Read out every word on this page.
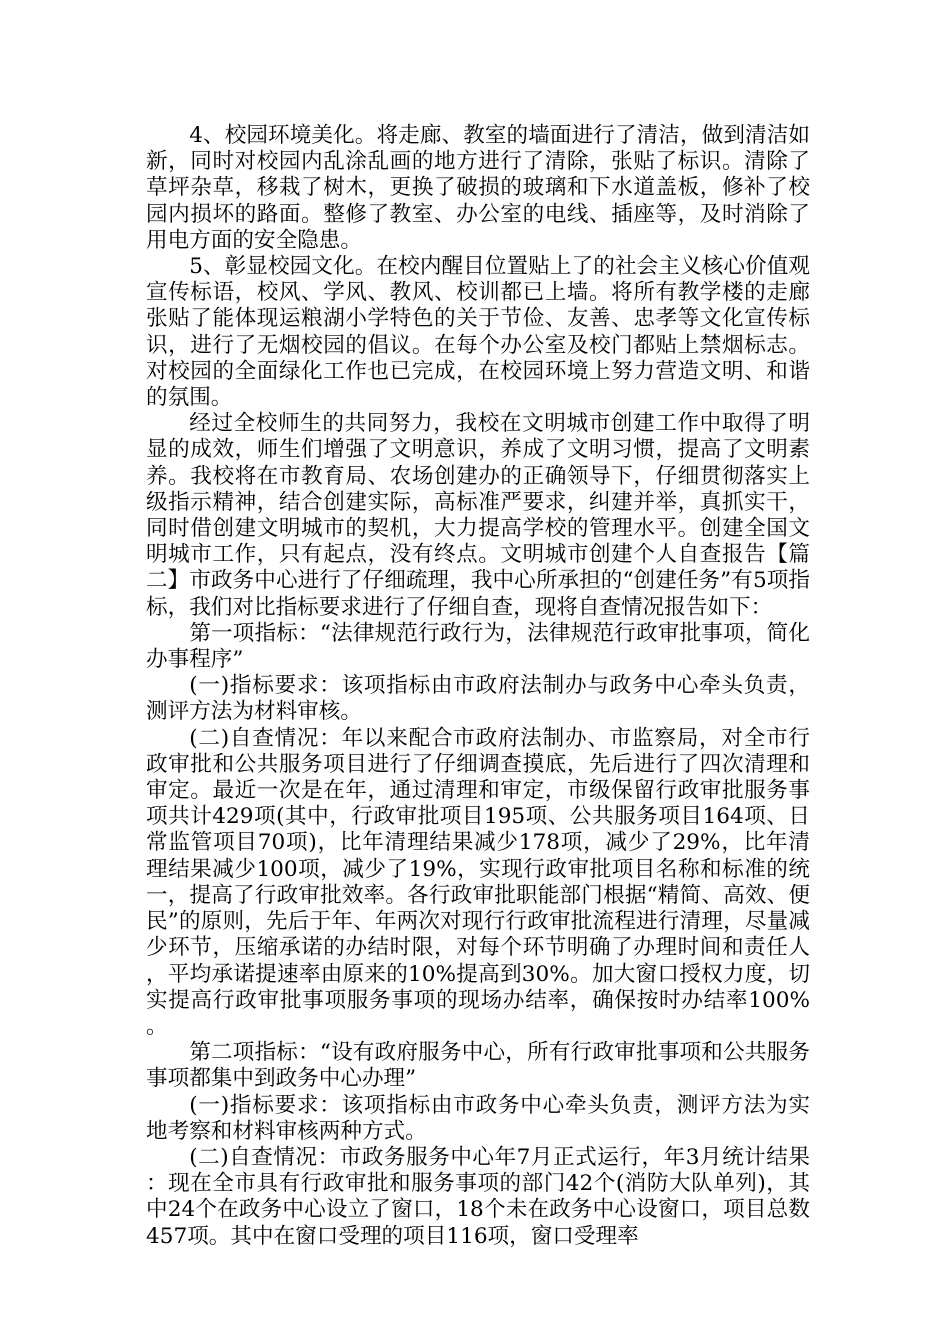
4、校园环境美化。将走廊、教室的墙面进行了清洁，做到清洁如新，同时对校园内乱涂乱画的地方进行了清除，张贴了标识。清除了草坪杂草，移栽了树木，更换了破损的玻璃和下水道盖板，修补了校园内损坏的路面。整修了教室、办公室的电线、插座等，及时消除了用电方面的安全隐患。

5、彰显校园文化。在校内醒目位置贴上了的社会主义核心价值观宣传标语，校风、学风、教风、校训都已上墙。将所有教学楼的走廊张贴了能体现运粮湖小学特色的关于节俭、友善、忠孝等文化宣传标识，进行了无烟校园的倡议。在每个办公室及校门都贴上禁烟标志。对校园的全面绿化工作也已完成，在校园环境上努力营造文明、和谐的氛围。

经过全校师生的共同努力，我校在文明城市创建工作中取得了明显的成效，师生们增强了文明意识，养成了文明习惯，提高了文明素养。我校将在市教育局、农场创建办的正确领导下，仔细贯彻落实上级指示精神，结合创建实际，高标准严要求，纠建并举，真抓实干，同时借创建文明城市的契机，大力提高学校的管理水平。创建全国文明城市工作，只有起点，没有终点。文明城市创建个人自查报告【篇二】市政务中心进行了仔细疏理，我中心所承担的“创建任务”有5项指标，我们对比指标要求进行了仔细自查，现将自查情况报告如下：

第一项指标：“法律规范行政行为，法律规范行政审批事项，简化办事程序”

(一)指标要求：该项指标由市政府法制办与政务中心牵头负责，测评方法为材料审核。

(二)自查情况：年以来配合市政府法制办、市监察局，对全市行政审批和公共服务项目进行了仔细调查摸底，先后进行了四次清理和审定。最近一次是在年，通过清理和审定，市级保留行政审批服务事项共计429项(其中，行政审批项目195项、公共服务项目164项、日常监管项目70项)，比年清理结果减少178项，减少了29%，比年清理结果减少100项，减少了19%，实现行政审批项目名称和标准的统一，提高了行政审批效率。各行政审批职能部门根据“精简、高效、便民”的原则，先后于年、年两次对现行行政审批流程进行清理，尽量减少环节，压缩承诺的办结时限，对每个环节明确了办理时间和责任人，平均承诺提速率由原来的10%提高到30%。加大窗口授权力度，切实提高行政审批事项服务事项的现场办结率，确保按时办结率100%。

第二项指标：“设有政府服务中心，所有行政审批事项和公共服务事项都集中到政务中心办理”

(一)指标要求：该项指标由市政务中心牵头负责，测评方法为实地考察和材料审核两种方式。

(二)自查情况：市政务服务中心年7月正式运行，年3月统计结果：现在全市具有行政审批和服务事项的部门42个(消防大队单列)，其中24个在政务中心设立了窗口，18个未在政务中心设窗口，项目总数457项。其中在窗口受理的项目116项，窗口受理率
